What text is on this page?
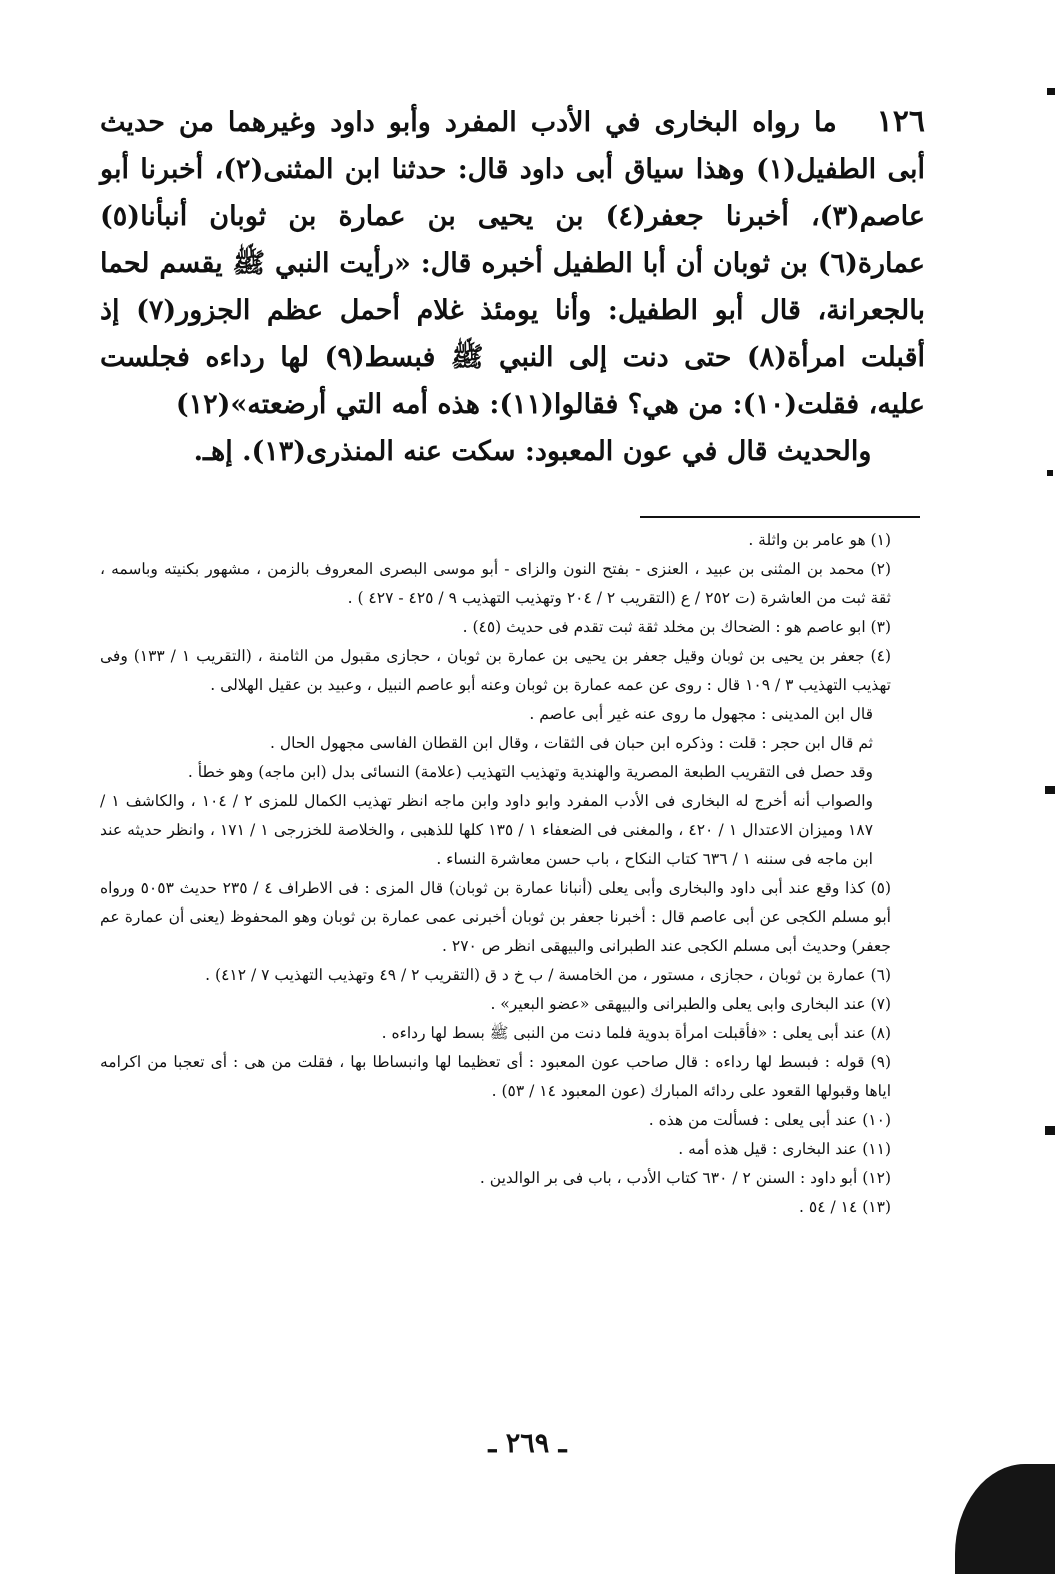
١٢٦ما رواه البخارى في الأدب المفرد وأبو داود وغيرهما من حديث أبى الطفيل(١) وهذا سياق أبى داود قال: حدثنا ابن المثنى(٢)، أخبرنا أبو عاصم(٣)، أخبرنا جعفر(٤) بن يحيى بن عمارة بن ثوبان أنبأنا(٥) عمارة(٦) بن ثوبان أن أبا الطفيل أخبره قال: «رأيت النبي ﷺ يقسم لحما بالجعرانة، قال أبو الطفيل: وأنا يومئذ غلام أحمل عظم الجزور(٧) إذ أقبلت امرأة(٨) حتى دنت إلى النبي ﷺ فبسط(٩) لها رداءه فجلست عليه، فقلت(١٠): من هي؟ فقالوا(١١): هذه أمه التي أرضعته»(١٢)
والحديث قال في عون المعبود: سكت عنه المنذرى(١٣). إهـ.

(١) هو عامر بن واثلة .

(٢) محمد بن المثنى بن عبيد ، العنزى - بفتح النون والزاى - أبو موسى البصرى المعروف بالزمن ، مشهور بكنيته وباسمه ، ثقة ثبت من العاشرة (ت ٢٥٢ / ع (التقريب ٢ / ٢٠٤ وتهذيب التهذيب ٩ / ٤٢٥ - ٤٢٧ ) .

(٣) ابو عاصم هو : الضحاك بن مخلد ثقة ثبت تقدم فى حديث (٤٥) .

(٤) جعفر بن يحيى بن ثوبان وقيل جعفر بن يحيى بن عمارة بن ثوبان ، حجازى مقبول من الثامنة ، (التقريب ١ / ١٣٣) وفى تهذيب التهذيب ٣ / ١٠٩ قال : روى عن عمه عمارة بن ثوبان وعنه أبو عاصم النبيل ، وعبيد بن عقيل الهلالى .

قال ابن المدينى : مجهول ما روى عنه غير أبى عاصم .

ثم قال ابن حجر : قلت : وذكره ابن حبان فى الثقات ، وقال ابن القطان الفاسى مجهول الحال .

وقد حصل فى التقريب الطبعة المصرية والهندية وتهذيب التهذيب (علامة) النسائى بدل (ابن ماجه) وهو خطأ .

والصواب أنه أخرج له البخارى فى الأدب المفرد وابو داود وابن ماجه انظر تهذيب الكمال للمزى ٢ / ١٠٤ ، والكاشف ١ / ١٨٧ وميزان الاعتدال ١ / ٤٢٠ ، والمغنى فى الضعفاء ١ / ١٣٥ كلها للذهبى ، والخلاصة للخزرجى ١ / ١٧١ ، وانظر حديثه عند ابن ماجه فى سننه ١ / ٦٣٦ كتاب النكاح ، باب حسن معاشرة النساء .

(٥) كذا وقع عند أبى داود والبخارى وأبى يعلى (أنبانا عمارة بن ثوبان) قال المزى : فى الاطراف ٤ / ٢٣٥ حديث ٥٠٥٣ ورواه أبو مسلم الكجى عن أبى عاصم قال : أخبرنا جعفر بن ثوبان أخبرنى عمى عمارة بن ثوبان وهو المحفوظ (يعنى أن عمارة عم جعفر) وحديث أبى مسلم الكجى عند الطبرانى والبيهقى انظر ص ٢٧٠ .

(٦) عمارة بن ثوبان ، حجازى ، مستور ، من الخامسة / ب خ د ق (التقريب ٢ / ٤٩ وتهذيب التهذيب ٧ / ٤١٢) .

(٧) عند البخارى وابى يعلى والطبرانى والبيهقى «عضو البعير» .

(٨) عند أبى يعلى : «فأقبلت امرأة بدوية فلما دنت من النبى ﷺ بسط لها رداءه .

(٩) قوله : فبسط لها رداءه : قال صاحب عون المعبود : أى تعظيما لها وانبساطا بها ، فقلت من هى : أى تعجبا من اكرامه اياها وقبولها القعود على ردائه المبارك (عون المعبود ١٤ / ٥٣) .

(١٠) عند أبى يعلى : فسألت من هذه .

(١١) عند البخارى : قيل هذه أمه .

(١٢) أبو داود : السنن ٢ / ٦٣٠ كتاب الأدب ، باب فى بر الوالدين .

(١٣) ١٤ / ٥٤ .

ـ ٢٦٩ ـ
